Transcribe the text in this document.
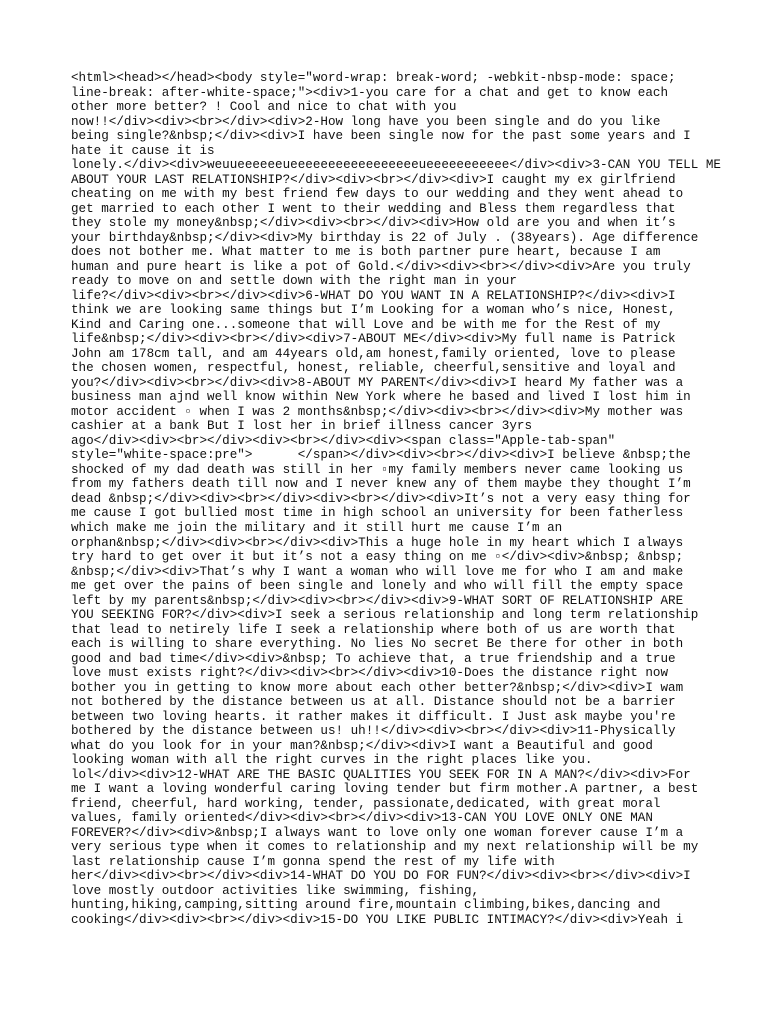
<html><head></head><body style="word-wrap: break-word; -webkit-nbsp-mode: space;
line-break: after-white-space;"><div>1-you care for a chat and get to know each
other more better? ! Cool and nice to chat with you
now!!</div><div><br></div><div>2-How long have you been single and do you like
being single?&nbsp;</div><div>I have been single now for the past some years and I
hate it cause it is
lonely.</div><div>weuueeeeeeueeeeeeeeeeeeeeeeeueeeeeeeeeee</div><div>3-CAN YOU TELL ME
ABOUT YOUR LAST RELATIONSHIP?</div><div><br></div><div>I caught my ex girlfriend
cheating on me with my best friend few days to our wedding and they went ahead to
get married to each other I went to their wedding and Bless them regardless that
they stole my money&nbsp;</div><div><br></div><div>How old are you and when it’s
your birthday&nbsp;</div><div>My birthday is 22 of July . (38years). Age difference
does not bother me. What matter to me is both partner pure heart, because I am
human and pure heart is like a pot of Gold.</div><div><br></div><div>Are you truly
ready to move on and settle down with the right man in your
life?</div><div><br></div><div>6-WHAT DO YOU WANT IN A RELATIONSHIP?</div><div>I
think we are looking same things but I’m Looking for a woman who’s nice, Honest,
Kind and Caring one...someone that will Love and be with me for the Rest of my
life&nbsp;</div><div><br></div><div>7-ABOUT ME</div><div>My full name is Patrick
John am 178cm tall, and am 44years old,am honest,family oriented, love to please
the chosen women, respectful, honest, reliable, cheerful,sensitive and loyal and
you?</div><div><br></div><div>8-ABOUT MY PARENT</div><div>I heard My father was a
business man ajnd well know within New York where he based and lived I lost him in
motor accident ▫ when I was 2 months&nbsp;</div><div><br></div><div>My mother was
cashier at a bank But I lost her in brief illness cancer 3yrs
ago</div><div><br></div><div><br></div><div><span class="Apple-tab-span"
style="white-space:pre">      </span></div><div><br></div><div>I believe &nbsp;the
shocked of my dad death was still in her ▫my family members never came looking us
from my fathers death till now and I never knew any of them maybe they thought I’m
dead &nbsp;</div><div><br></div><div><br></div><div>It’s not a very easy thing for
me cause I got bullied most time in high school an university for been fatherless
which make me join the military and it still hurt me cause I’m an
orphan&nbsp;</div><div><br></div><div>This a huge hole in my heart which I always
try hard to get over it but it’s not a easy thing on me ▫</div><div>&nbsp; &nbsp;
&nbsp;</div><div>That’s why I want a woman who will love me for who I am and make
me get over the pains of been single and lonely and who will fill the empty space
left by my parents&nbsp;</div><div><br></div><div>9-WHAT SORT OF RELATIONSHIP ARE
YOU SEEKING FOR?</div><div>I seek a serious relationship and long term relationship
that lead to netirely life I seek a relationship where both of us are worth that
each is willing to share everything. No lies No secret Be there for other in both
good and bad time</div><div>&nbsp; To achieve that, a true friendship and a true
love must exists right?</div><div><br></div><div>10-Does the distance right now
bother you in getting to know more about each other better?&nbsp;</div><div>I wam
not bothered by the distance between us at all. Distance should not be a barrier
between two loving hearts. it rather makes it difficult. I Just ask maybe you're
bothered by the distance between us! uh!!</div><div><br></div><div>11-Physically
what do you look for in your man?&nbsp;</div><div>I want a Beautiful and good
looking woman with all the right curves in the right places like you.
lol</div><div>12-WHAT ARE THE BASIC QUALITIES YOU SEEK FOR IN A MAN?</div><div>For
me I want a loving wonderful caring loving tender but firm mother.A partner, a best
friend, cheerful, hard working, tender, passionate,dedicated, with great moral
values, family oriented</div><div><br></div><div>13-CAN YOU LOVE ONLY ONE MAN
FOREVER?</div><div>&nbsp;I always want to love only one woman forever cause I’m a
very serious type when it comes to relationship and my next relationship will be my
last relationship cause I’m gonna spend the rest of my life with
her</div><div><br></div><div>14-WHAT DO YOU DO FOR FUN?</div><div><br></div><div>I
love mostly outdoor activities like swimming, fishing,
hunting,hiking,camping,sitting around fire,mountain climbing,bikes,dancing and
cooking</div><div><br></div><div>15-DO YOU LIKE PUBLIC INTIMACY?</div><div>Yeah i
